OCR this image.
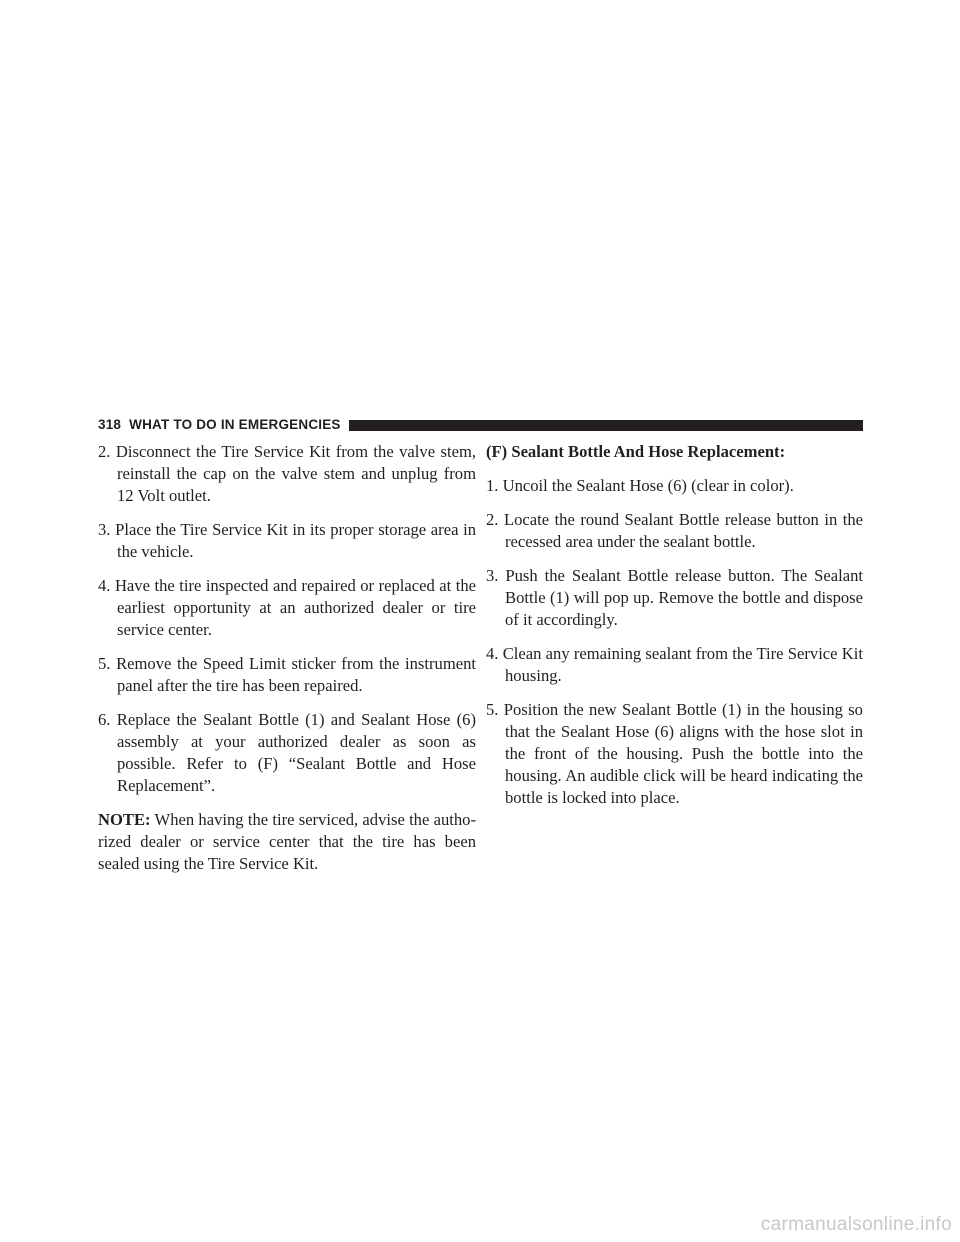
318 WHAT TO DO IN EMERGENCIES

2. Disconnect the Tire Service Kit from the valve stem, reinstall the cap on the valve stem and unplug from 12 Volt outlet.

3. Place the Tire Service Kit in its proper storage area in the vehicle.

4. Have the tire inspected and repaired or replaced at the earliest opportunity at an authorized dealer or tire service center.

5. Remove the Speed Limit sticker from the instrument panel after the tire has been repaired.

6. Replace the Sealant Bottle (1) and Sealant Hose (6) assembly at your authorized dealer as soon as possible. Refer to (F) “Sealant Bottle and Hose Replacement”.

NOTE: When having the tire serviced, advise the authorized dealer or service center that the tire has been sealed using the Tire Service Kit.

(F) Sealant Bottle And Hose Replacement:

1. Uncoil the Sealant Hose (6) (clear in color).

2. Locate the round Sealant Bottle release button in the recessed area under the sealant bottle.

3. Push the Sealant Bottle release button. The Sealant Bottle (1) will pop up. Remove the bottle and dispose of it accordingly.

4. Clean any remaining sealant from the Tire Service Kit housing.

5. Position the new Sealant Bottle (1) in the housing so that the Sealant Hose (6) aligns with the hose slot in the front of the housing. Push the bottle into the housing. An audible click will be heard indicating the bottle is locked into place.

carmanualsonline.info
